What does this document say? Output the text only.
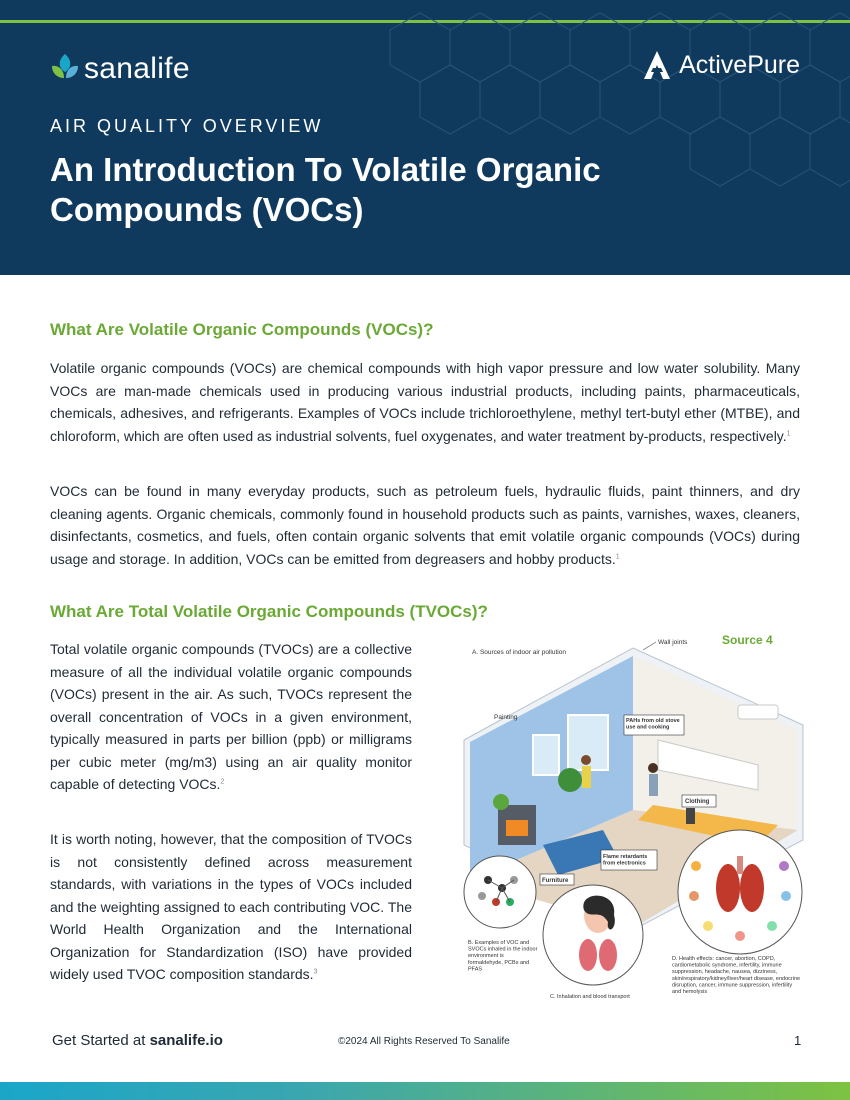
sanalife	ActivePure
AIR QUALITY OVERVIEW
An Introduction To Volatile Organic Compounds (VOCs)
What Are Volatile Organic Compounds (VOCs)?

Volatile organic compounds (VOCs) are chemical compounds with high vapor pressure and low water solubility. Many VOCs are man-made chemicals used in producing various industrial products, including paints, pharmaceuticals, chemicals, adhesives, and refrigerants. Examples of VOCs include trichloroethylene, methyl tert-butyl ether (MTBE), and chloroform, which are often used as industrial solvents, fuel oxygenates, and water treatment by-products, respectively.$^1$

VOCs can be found in many everyday products, such as petroleum fuels, hydraulic fluids, paint thinners, and dry cleaning agents. Organic chemicals, commonly found in household products such as paints, varnishes, waxes, cleaners, disinfectants, cosmetics, and fuels, often contain organic solvents that emit volatile organic compounds (VOCs) during usage and storage. In addition, VOCs can be emitted from degreasers and hobby products.$^1$

What Are Total Volatile Organic Compounds (TVOCs)?

Total volatile organic compounds (TVOCs) are a collective measure of all the individual volatile organic compounds (VOCs) present in the air. As such, TVOCs represent the overall concentration of VOCs in a given environment, typically measured in parts per billion (ppb) or milligrams per cubic meter (mg/m3) using an air quality monitor capable of detecting VOCs.$^2$

It is worth noting, however, that the composition of TVOCs is not consistently defined across measurement standards, with variations in the types of VOCs included and the weighting assigned to each contributing VOC. The World Health Organization and the International Organization for Standardization (ISO) have provided widely used TVOC composition standards.$^3$

Source 4
A. Sources of indoor air pollution
Wall joints
PAHs from old stove use and cooking
Painting
Clothing
Flame retardants from electronics
Furniture
B. Examples of VOC and SVOCs inhaled in the indoor environment is formaldehyde, PCBs and PFAS
C. Inhalation and blood transport
D. Health effects: cancer, abortion, COPD, cardiometabolic syndrome, infertility, immune suppression, headache, nausea, dizziness, skin/respiratory/kidney/liver/heart disease, endocrine disruption, cancer, immune suppression, infertility and hemolysis
Get Started at sanalife.io	©2024 All Rights Reserved To Sanalife	1
